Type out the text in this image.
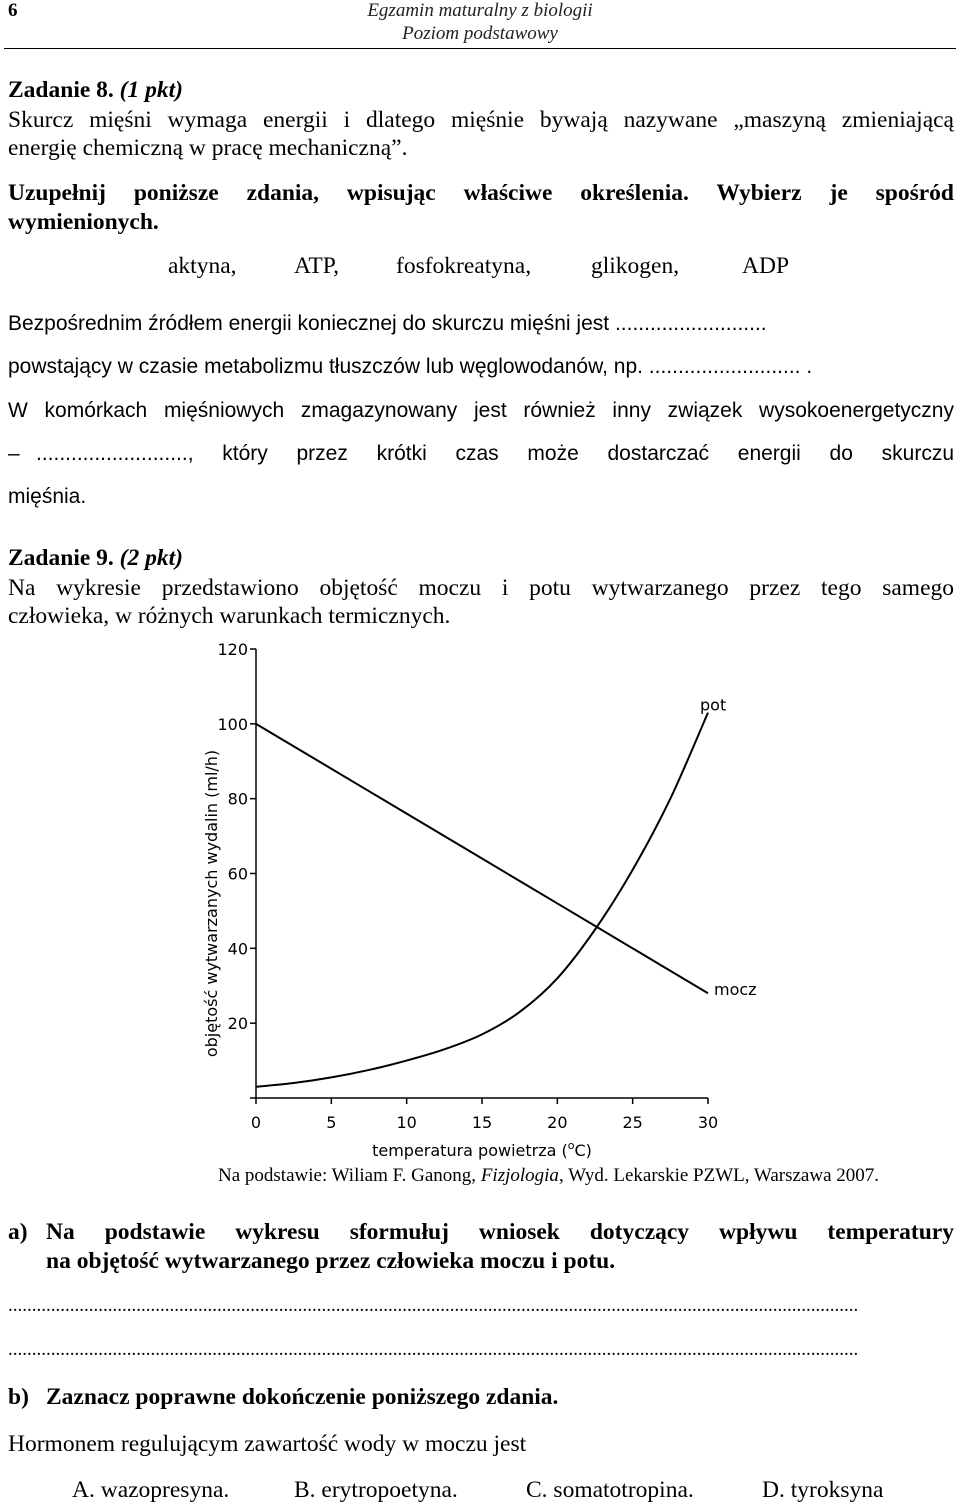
6	Egzamin maturalny z biologii
Poziom podstawowy
Zadanie 8. (1 pkt)
Skurcz mięśni wymaga energii i dlatego mięśnie bywają nazywane „maszyną zmieniającą
energię chemiczną w pracę mechaniczną”.
Uzupełnij poniższe zdania, wpisując właściwe określenia. Wybierz je spośród
wymienionych.
aktyna, ATP, fosfokreatyna,	glikogen,	ADP
Bezpośrednim źródłem energii koniecznej do skurczu mięśni jest ..........................
powstający w czasie metabolizmu tłuszczów lub węglowodanów, np. .......................... .
W komórkach mięśniowych zmagazynowany jest również inny związek wysokoenergetyczny
– .........................., który przez krótki czas może dostarczać energii do skurczu
mięśnia.
Zadanie 9. (2 pkt)
Na wykresie przedstawiono objętość moczu i potu wytwarzanego przez tego samego
człowieka, w różnych warunkach termicznych.
0	5	10	15	20	25	30
20
40
60
80
100
120
mocz
pot
temperatura powietrza ($^o$C)
objętość wytwarzanych wydalin (ml/h)
Na podstawie: Wiliam F. Ganong, Fizjologia, Wyd. Lekarskie PZWL, Warszawa 2007.
a) Na podstawie wykresu sformułuj wniosek dotyczący wpływu temperatury
na objętość wytwarzanego przez człowieka moczu i potu.
...................................................................................................................................................................................
...................................................................................................................................................................................
b) Zaznacz poprawne dokończenie poniższego zdania.
Hormonem regulującym zawartość wody w moczu jest
A. wazopresyna.	B. erytropoetyna.	C. somatotropina.	D. tyroksyna
